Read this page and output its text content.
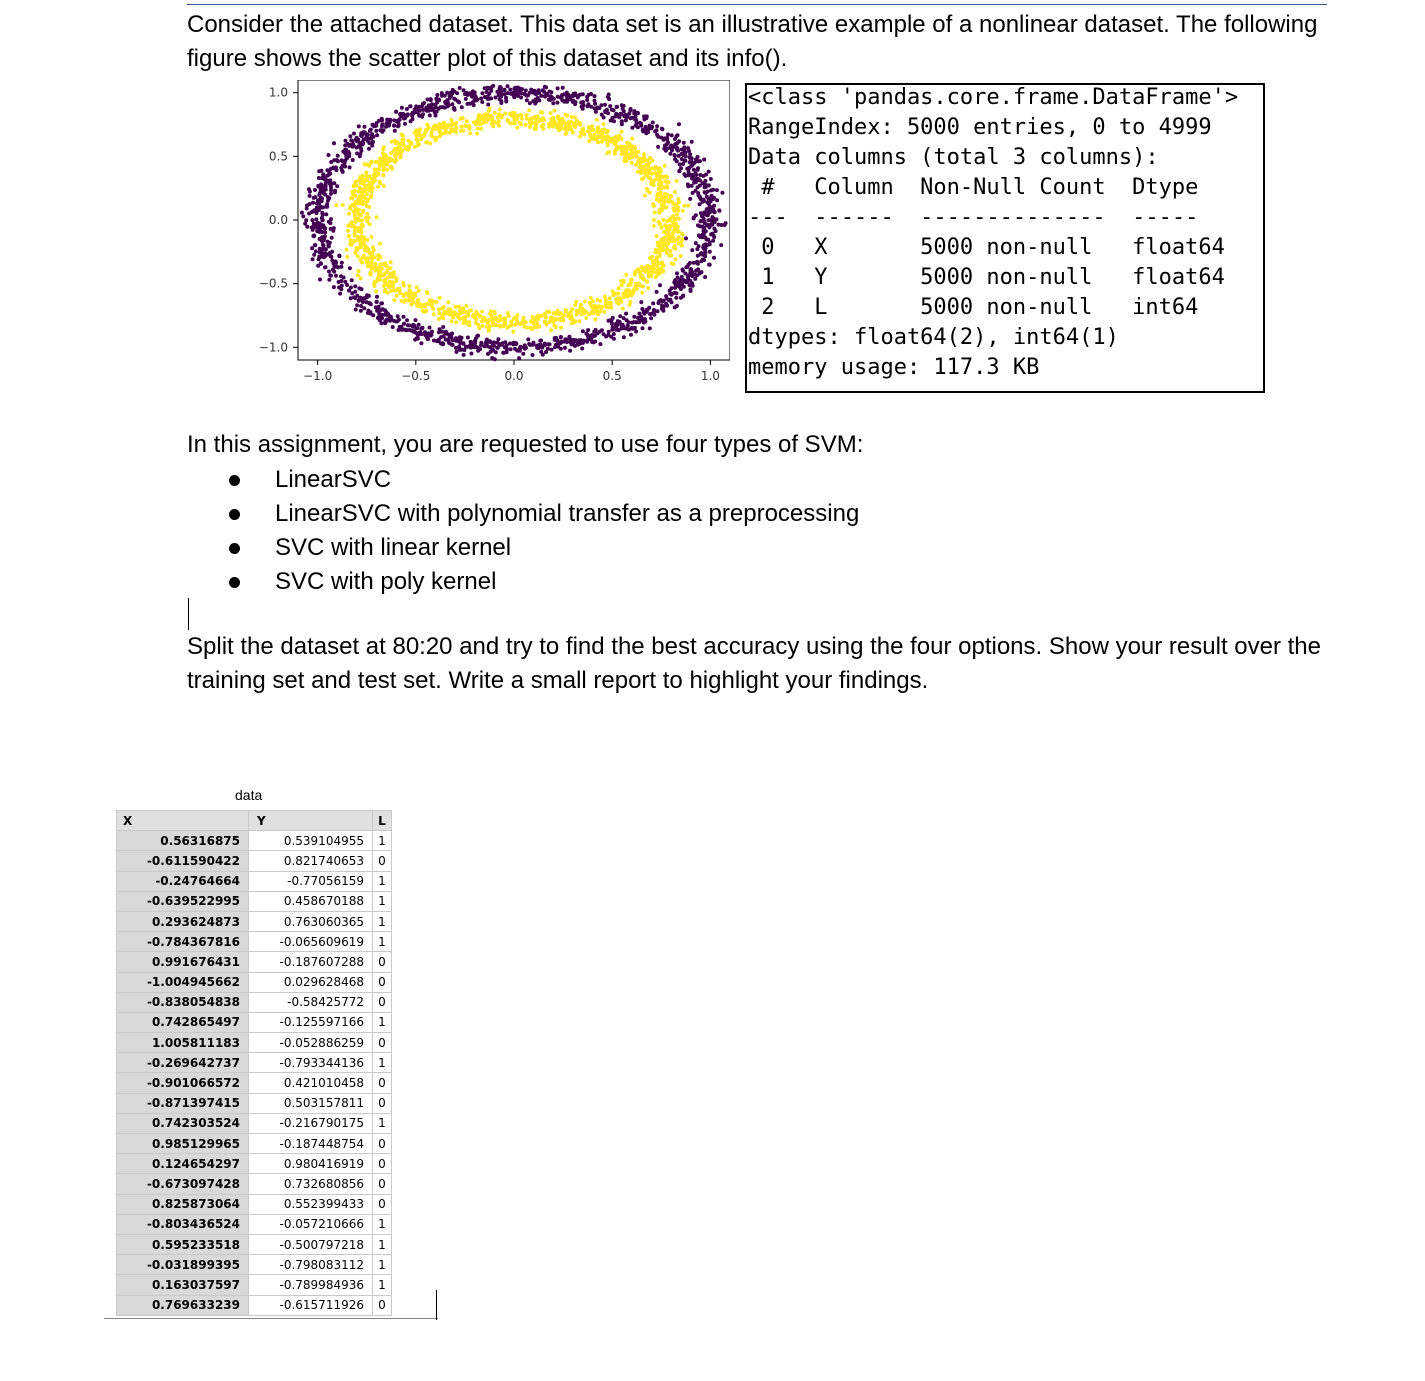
Consider the attached dataset. This data set is an illustrative example of a nonlinear dataset. The following figure shows the scatter plot of this dataset and its info().

−1.0	−0.5	0.0	0.5	1.0
1.0
0.5
0.0
−0.5
−1.0
<class 'pandas.core.frame.DataFrame'>
RangeIndex: 5000 entries, 0 to 4999
Data columns (total 3 columns):
#   Column  Non-Null Count  Dtype
---  ------  --------------  -----
0   X       5000 non-null   float64
1   Y       5000 non-null   float64
2   L       5000 non-null   int64
dtypes: float64(2), int64(1)
memory usage: 117.3 KB

In this assignment, you are requested to use four types of SVM:

LinearSVC
LinearSVC with polynomial transfer as a preprocessing
SVC with linear kernel
SVC with poly kernel

Split the dataset at 80:20 and try to find the best accuracy using the four options. Show your result over the training set and test set. Write a small report to highlight your findings.

data
X	Y	L
0.56316875	0.539104955	1
-0.611590422	0.821740653	0
-0.24764664	-0.77056159	1
-0.639522995	0.458670188	1
0.293624873	0.763060365	1
-0.784367816	-0.065609619	1
0.991676431	-0.187607288	0
-1.004945662	0.029628468	0
-0.838054838	-0.58425772	0
0.742865497	-0.125597166	1
1.005811183	-0.052886259	0
-0.269642737	-0.793344136	1
-0.901066572	0.421010458	0
-0.871397415	0.503157811	0
0.742303524	-0.216790175	1
0.985129965	-0.187448754	0
0.124654297	0.980416919	0
-0.673097428	0.732680856	0
0.825873064	0.552399433	0
-0.803436524	-0.057210666	1
0.595233518	-0.500797218	1
-0.031899395	-0.798083112	1
0.163037597	-0.789984936	1
0.769633239	-0.615711926	0
